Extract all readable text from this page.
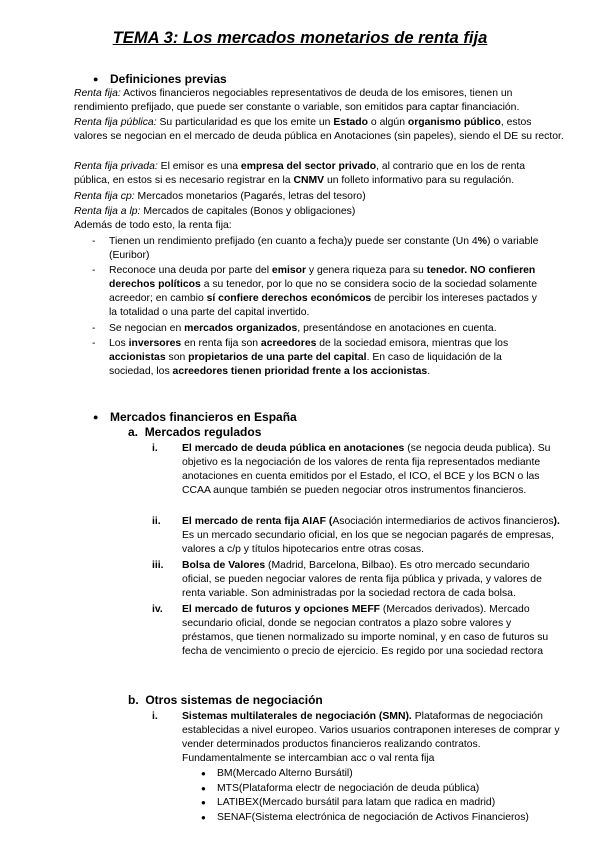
TEMA 3: Los mercados monetarios de renta fija
● Definiciones previas
Renta fija: Activos financieros negociables representativos de deuda de los emisores, tienen un rendimiento prefijado, que puede ser constante o variable, son emitidos para captar financiación.
Renta fija pública: Su particularidad es que los emite un Estado o algún organismo público, estos valores se negocian en el mercado de deuda pública en Anotaciones (sin papeles), siendo el DE su rector.
Renta fija privada: El emisor es una empresa del sector privado, al contrario que en los de renta pública, en estos si es necesario registrar en la CNMV un folleto informativo para su regulación.
Renta fija cp: Mercados monetarios (Pagarés, letras del tesoro)
Renta fija a lp: Mercados de capitales (Bonos y obligaciones)
Además de todo esto, la renta fija:
- Tienen un rendimiento prefijado (en cuanto a fecha)y puede ser constante (Un 4%) o variable (Euribor)
- Reconoce una deuda por parte del emisor y genera riqueza para su tenedor. NO confieren derechos políticos a su tenedor, por lo que no se considera socio de la sociedad solamente acreedor; en cambio sí confiere derechos económicos de percibir los intereses pactados y la totalidad o una parte del capital invertido.
- Se negocian en mercados organizados, presentándose en anotaciones en cuenta.
- Los inversores en renta fija son acreedores de la sociedad emisora, mientras que los accionistas son propietarios de una parte del capital. En caso de liquidación de la sociedad, los acreedores tienen prioridad frente a los accionistas.
● Mercados financieros en España
a. Mercados regulados
i. El mercado de deuda pública en anotaciones (se negocia deuda publica). Su objetivo es la negociación de los valores de renta fija representados mediante anotaciones en cuenta emitidos por el Estado, el ICO, el BCE y los BCN o las CCAA aunque también se pueden negociar otros instrumentos financieros.
ii. El mercado de renta fija AIAF (Asociación intermediarios de activos financieros). Es un mercado secundario oficial, en los que se negocian pagarés de empresas, valores a c/p y títulos hipotecarios entre otras cosas.
iii. Bolsa de Valores (Madrid, Barcelona, Bilbao). Es otro mercado secundario oficial, se pueden negociar valores de renta fija pública y privada, y valores de renta variable. Son administradas por la sociedad rectora de cada bolsa.
iv. El mercado de futuros y opciones MEFF (Mercados derivados). Mercado secundario oficial, donde se negocian contratos a plazo sobre valores y préstamos, que tienen normalizado su importe nominal, y en caso de futuros su fecha de vencimiento o precio de ejercicio. Es regido por una sociedad rectora
b. Otros sistemas de negociación
i. Sistemas multilaterales de negociación (SMN). Plataformas de negociación establecidas a nivel europeo. Varios usuarios contraponen intereses de comprar y vender determinados productos financieros realizando contratos. Fundamentalmente se intercambian acc o val renta fija
● BM(Mercado Alterno Bursátil)
● MTS(Plataforma electr de negociación de deuda pública)
● LATIBEX(Mercado bursátil para latam que radica en madrid)
● SENAF(Sistema electrónica de negociación de Activos Financieros)
